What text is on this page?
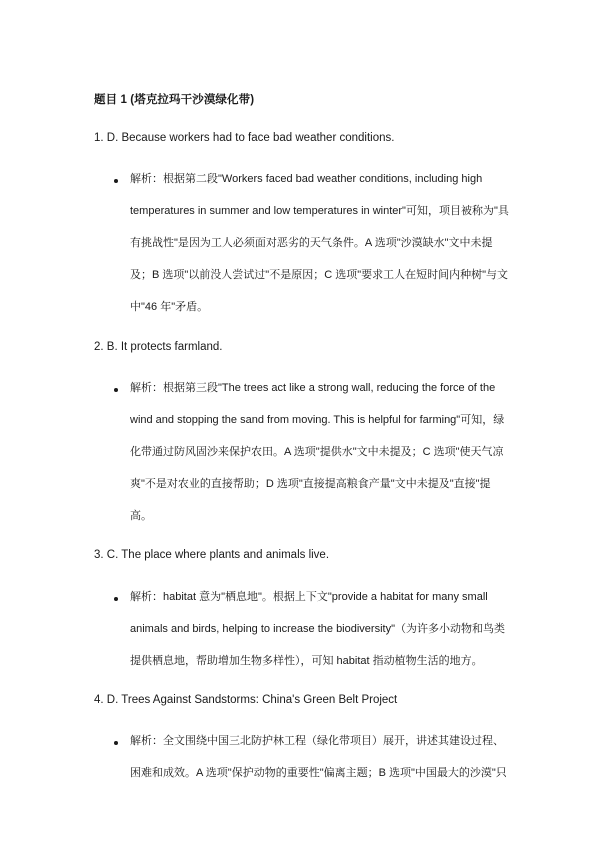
题目 1 (塔克拉玛干沙漠绿化带)
1. D. Because workers had to face bad weather conditions.
解析：根据第二段"Workers faced bad weather conditions, including high
temperatures in summer and low temperatures in winter"可知，项目被称为"具
有挑战性"是因为工人必须面对恶劣的天气条件。A 选项"沙漠缺水"文中未提
及；B 选项"以前没人尝试过"不是原因；C 选项"要求工人在短时间内种树"与文
中"46 年"矛盾。
2. B. It protects farmland.
解析：根据第三段"The trees act like a strong wall, reducing the force of the
wind and stopping the sand from moving. This is helpful for farming"可知，绿
化带通过防风固沙来保护农田。A 选项"提供水"文中未提及；C 选项"使天气凉
爽"不是对农业的直接帮助；D 选项"直接提高粮食产量"文中未提及"直接"提
高。
3. C. The place where plants and animals live.
解析：habitat 意为"栖息地"。根据上下文"provide a habitat for many small
animals and birds, helping to increase the biodiversity"（为许多小动物和鸟类
提供栖息地，帮助增加生物多样性），可知 habitat 指动植物生活的地方。
4. D. Trees Against Sandstorms: China's Green Belt Project
解析：全文围绕中国三北防护林工程（绿化带项目）展开，讲述其建设过程、
困难和成效。A 选项"保护动物的重要性"偏离主题；B 选项"中国最大的沙漠"只
